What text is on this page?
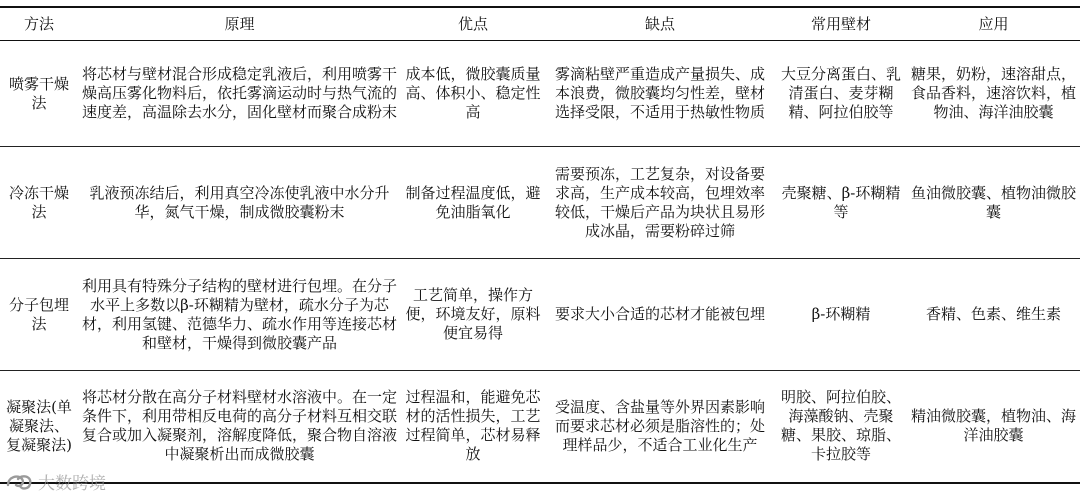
方法	原理	优点	缺点	常用壁材	应用
喷雾干燥法	将芯材与壁材混合形成稳定乳液后，利用喷雾干燥高压雾化物料后，依托雾滴运动时与热气流的速度差，高温除去水分，固化壁材而聚合成粉末	成本低，微胶囊质量高、体积小、稳定性高	雾滴粘壁严重造成产量损失、成本浪费，微胶囊均匀性差，壁材选择受限，不适用于热敏性物质	大豆分离蛋白、乳清蛋白、麦芽糊精、阿拉伯胶等	糖果，奶粉，速溶甜点，食品香料，速溶饮料，植物油、海洋油胶囊
冷冻干燥法	乳液预冻结后，利用真空冷冻使乳液中水分升华，氮气干燥，制成微胶囊粉末	制备过程温度低，避免油脂氧化	需要预冻，工艺复杂，对设备要求高，生产成本较高，包埋效率较低，干燥后产品为块状且易形成冰晶，需要粉碎过筛	壳聚糖、β-环糊精等	鱼油微胶囊、植物油微胶囊
分子包埋法	利用具有特殊分子结构的壁材进行包埋。在分子水平上多数以β-环糊精为壁材，疏水分子为芯材，利用氢键、范德华力、疏水作用等连接芯材和壁材，干燥得到微胶囊产品	工艺简单，操作方便，环境友好，原料便宜易得	要求大小合适的芯材才能被包埋	β-环糊精	香精、色素、维生素
凝聚法(单凝聚法、复凝聚法)	将芯材分散在高分子材料壁材水溶液中。在一定条件下，利用带相反电荷的高分子材料互相交联复合或加入凝聚剂，溶解度降低，聚合物自溶液中凝聚析出而成微胶囊	过程温和，能避免芯材的活性损失，工艺过程简单，芯材易释放	受温度、含盐量等外界因素影响而要求芯材必须是脂溶性的；处理样品少，不适合工业化生产	明胶、阿拉伯胶、海藻酸钠、壳聚糖、果胶、琼脂、卡拉胶等	精油微胶囊，植物油、海洋油胶囊
大数跨境
